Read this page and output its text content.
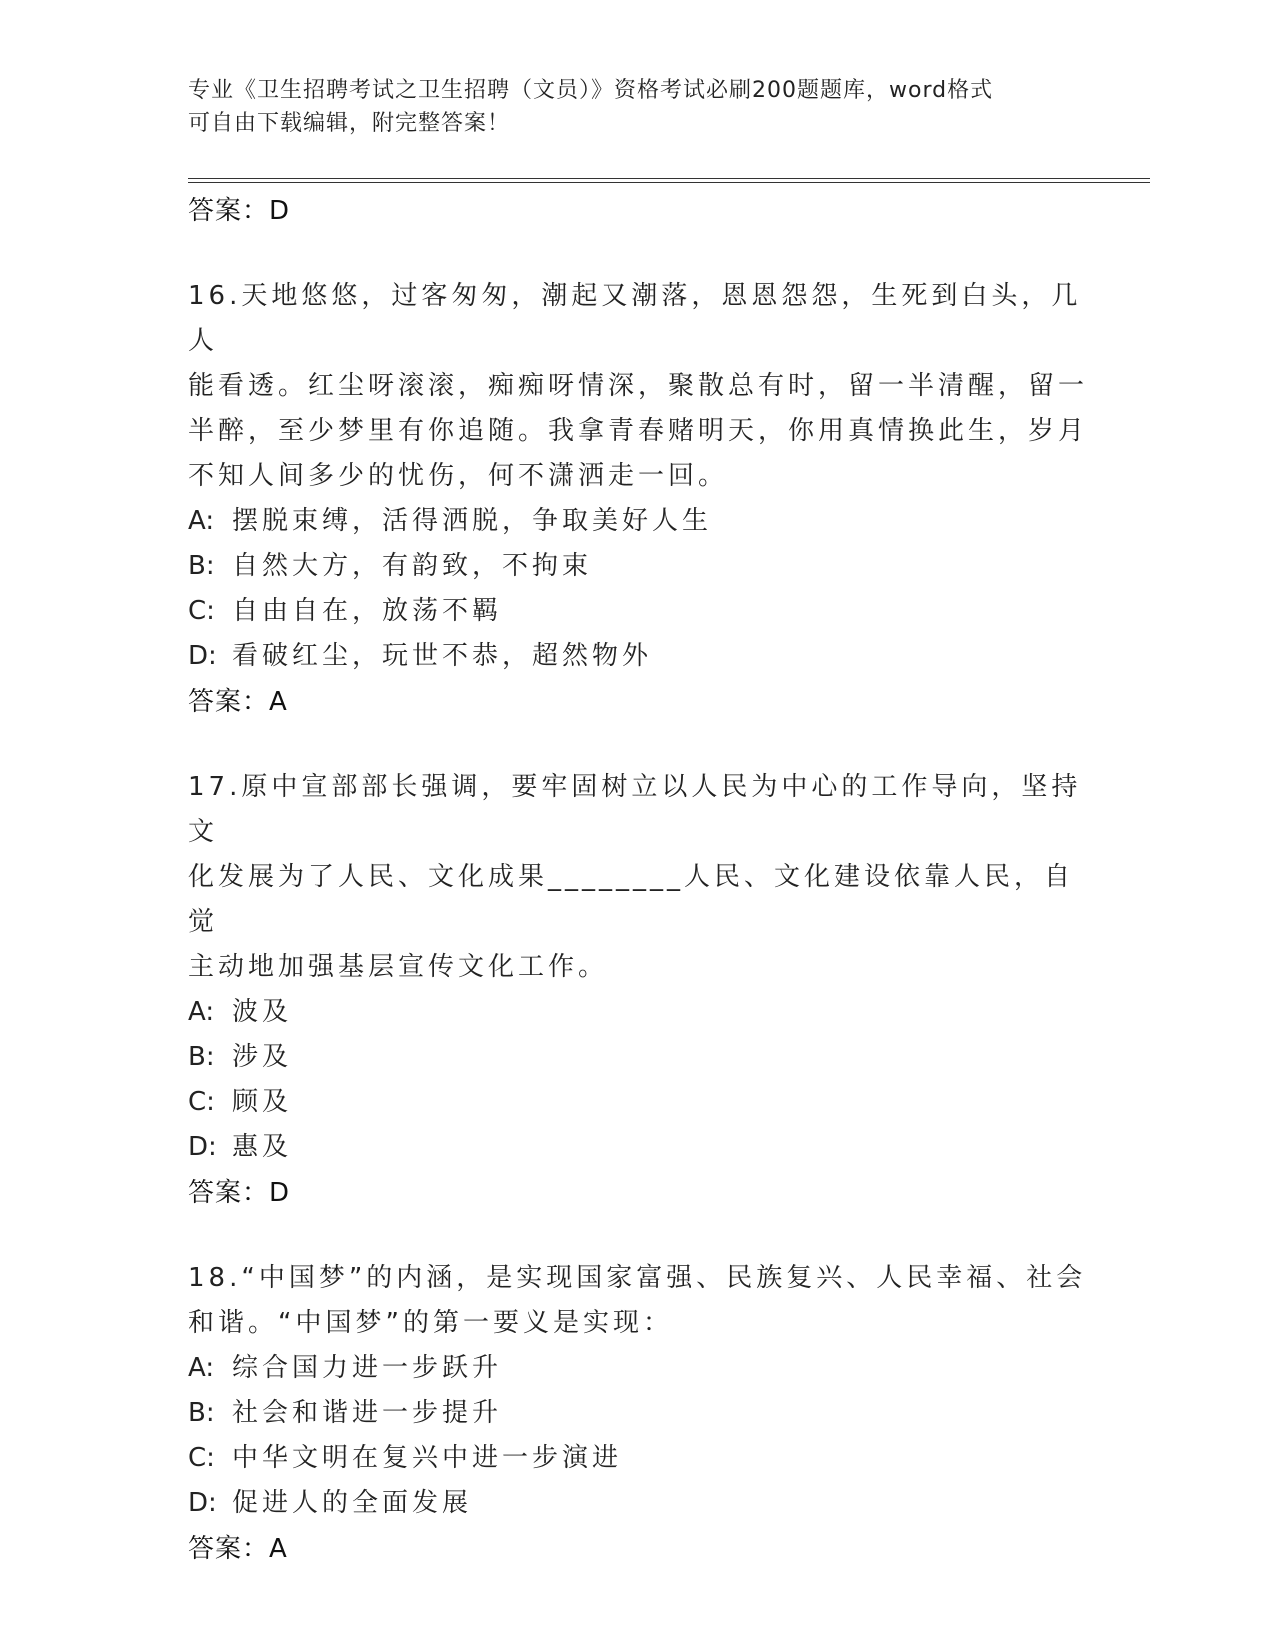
专业《卫生招聘考试之卫生招聘（文员）》资格考试必刷200题题库，word格式
可自由下载编辑，附完整答案！
答案：D
16.天地悠悠，过客匆匆，潮起又潮落，恩恩怨怨，生死到白头，几人
能看透。红尘呀滚滚，痴痴呀情深，聚散总有时，留一半清醒，留一
半醉，至少梦里有你追随。我拿青春赌明天，你用真情换此生，岁月
不知人间多少的忧伤，何不潇洒走一回。
A: 摆脱束缚，活得洒脱，争取美好人生
B: 自然大方，有韵致，不拘束
C: 自由自在，放荡不羁
D: 看破红尘，玩世不恭，超然物外
答案：A
17.原中宣部部长强调，要牢固树立以人民为中心的工作导向，坚持文
化发展为了人民、文化成果________人民、文化建设依靠人民，自觉
主动地加强基层宣传文化工作。
A: 波及
B: 涉及
C: 顾及
D: 惠及
答案：D
18.“中国梦”的内涵，是实现国家富强、民族复兴、人民幸福、社会
和谐。“中国梦”的第一要义是实现：
A: 综合国力进一步跃升
B: 社会和谐进一步提升
C: 中华文明在复兴中进一步演进
D: 促进人的全面发展
答案：A
